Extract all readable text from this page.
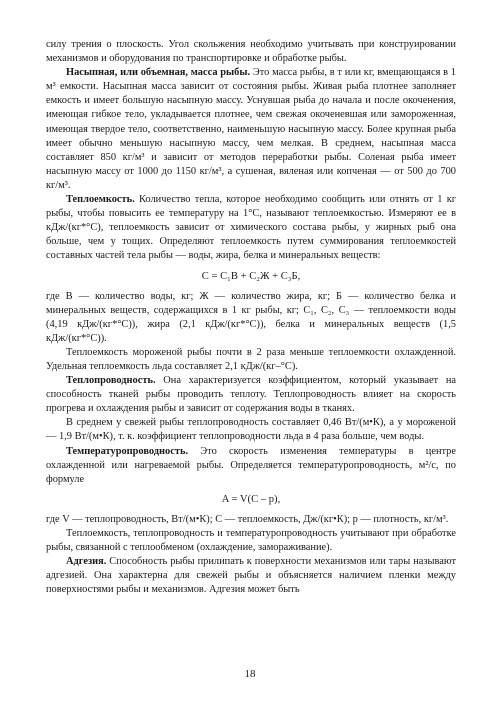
силу трения о плоскость. Угол скольжения необходимо учитывать при конструировании механизмов и оборудования по транспортировке и обработке рыбы.

Насыпная, или объемная, масса рыбы. Это масса рыбы, в т или кг, вмещающаяся в 1 м³ емкости. Насыпная масса зависит от состояния рыбы. Живая рыба плотнее заполняет емкость и имеет большую насыпную массу. Уснувшая рыба до начала и после окоченения, имеющая гибкое тело, укладывается плотнее, чем свежая окоченевшая или замороженная, имеющая твердое тело, соответственно, наименьшую насыпную массу. Более крупная рыба имеет обычно меньшую насыпную массу, чем мелкая. В среднем, насыпная масса составляет 850 кг/м³ и зависит от методов переработки рыбы. Соленая рыба имеет насыпную массу от 1000 до 1150 кг/м³, а сушеная, вяленая или копченая — от 500 до 700 кг/м³.

Теплоемкость. Количество тепла, которое необходимо сообщить или отнять от 1 кг рыбы, чтобы повысить ее температуру на 1°С, называют теплоемкостью. Измеряют ее в кДж/(кг*°С), теплоемкость зависит от химического состава рыбы, у жирных рыб она больше, чем у тощих. Определяют теплоемкость путем суммирования теплоемкостей составных частей тела рыбы — воды, жира, белка и минеральных веществ:

C = C₁B + C₂Ж + C₃Б,

где В — количество воды, кг; Ж — количество жира, кг; Б — количество белка и минеральных веществ, содержащихся в 1 кг рыбы, кг; C₁, C₂, C₃ — теплоемкости воды (4,19 кДж/(кг*°С)), жира (2,1 кДж/(кг*°С)), белка и минеральных веществ (1,5 кДж/(кг*°С)).

Теплоемкость мороженой рыбы почти в 2 раза меньше теплоемкости охлажденной. Удельная теплоемкость льда составляет 2,1 кДж/(кг–°С).

Теплопроводность. Она характеризуется коэффициентом, который указывает на способность тканей рыбы проводить теплоту. Теплопроводность влияет на скорость прогрева и охлаждения рыбы и зависит от содержания воды в тканях.

В среднем у свежей рыбы теплопроводность составляет 0,46 Вт/(м•К), а у мороженой — 1,9 Вт/(м•К), т. к. коэффициент теплопроводности льда в 4 раза больше, чем воды.

Температуропроводность. Это скорость изменения температуры в центре охлажденной или нагреваемой рыбы. Определяется температуропроводность, м²/с, по формуле

A = V(C – p),

где V — теплопроводность, Вт/(м•К); С — теплоемкость, Дж/(кг•К); p — плотность, кг/м³.

Теплоемкость, теплопроводность и температуропроводность учитывают при обработке рыбы, связанной с теплообменом (охлаждение, замораживание).

Адгезия. Способность рыбы прилипать к поверхности механизмов или тары называют адгезией. Она характерна для свежей рыбы и объясняется наличием пленки между поверхностями рыбы и механизмов. Адгезия может быть

18
